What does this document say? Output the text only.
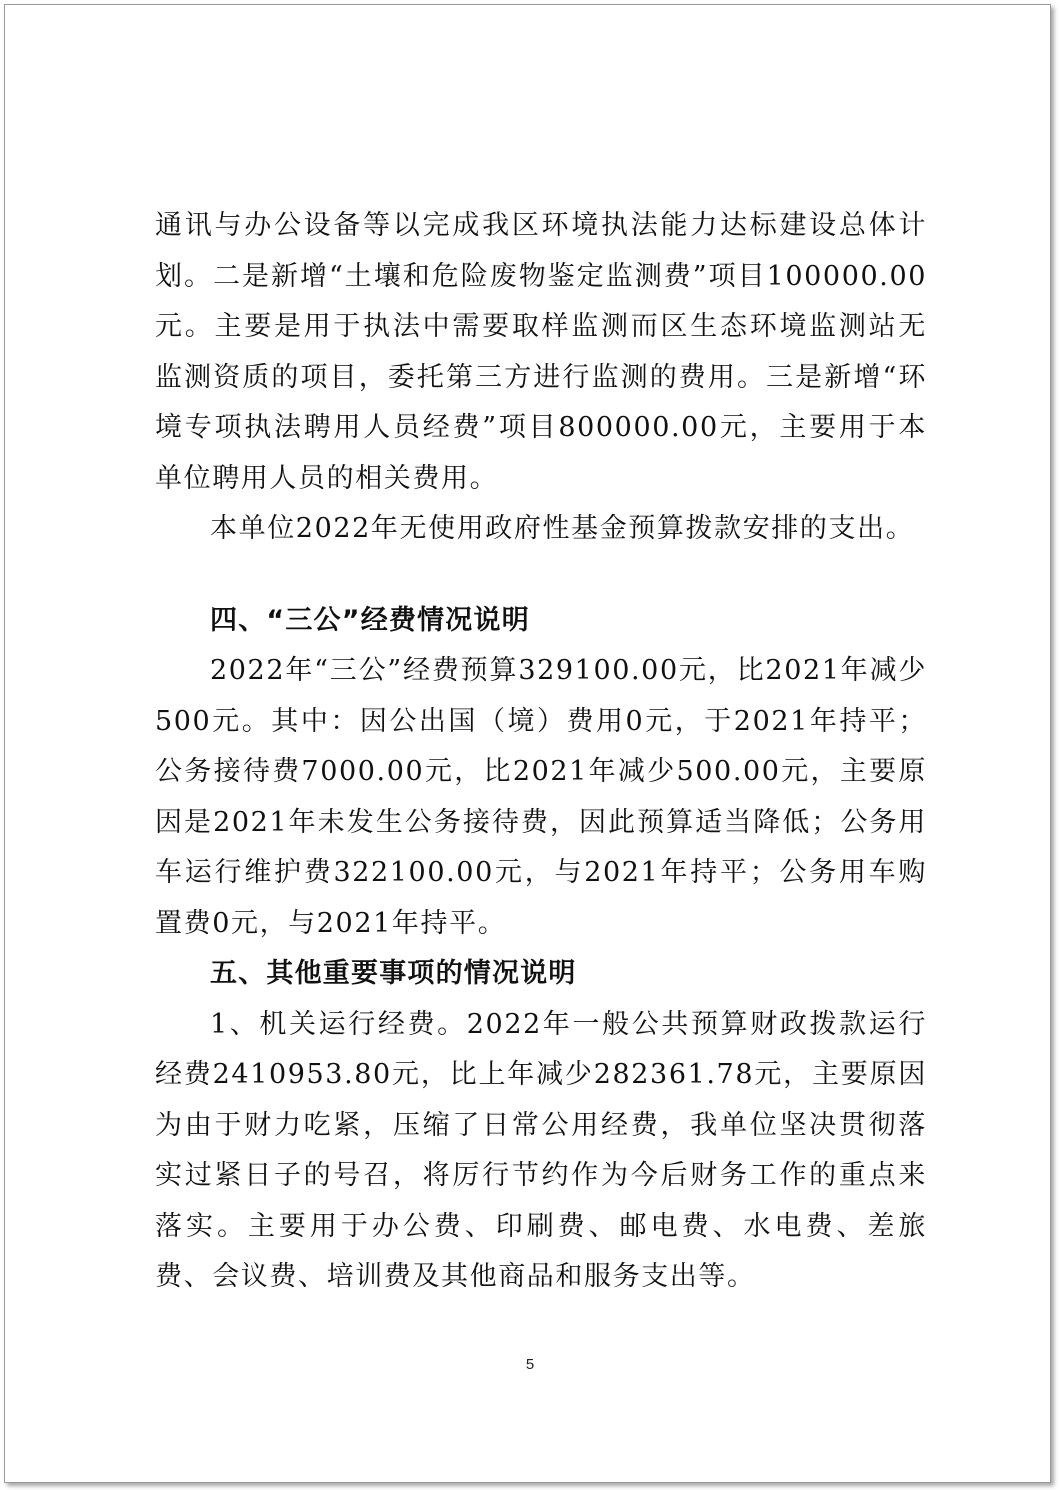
通讯与办公设备等以完成我区环境执法能力达标建设总体计划。二是新增“土壤和危险废物鉴定监测费”项目100000.00元。主要是用于执法中需要取样监测而区生态环境监测站无监测资质的项目，委托第三方进行监测的费用。三是新增“环境专项执法聘用人员经费”项目800000.00元，主要用于本单位聘用人员的相关费用。

本单位2022年无使用政府性基金预算拨款安排的支出。

四、“三公”经费情况说明

2022年“三公”经费预算329100.00元，比2021年减少500元。其中：因公出国（境）费用0元，于2021年持平；公务接待费7000.00元，比2021年减少500.00元，主要原因是2021年未发生公务接待费，因此预算适当降低；公务用车运行维护费322100.00元，与2021年持平；公务用车购置费0元，与2021年持平。

五、其他重要事项的情况说明

1、机关运行经费。2022年一般公共预算财政拨款运行经费2410953.80元，比上年减少282361.78元，主要原因为由于财力吃紧，压缩了日常公用经费，我单位坚决贯彻落实过紧日子的号召，将厉行节约作为今后财务工作的重点来落实。主要用于办公费、印刷费、邮电费、水电费、差旅费、会议费、培训费及其他商品和服务支出等。

5
